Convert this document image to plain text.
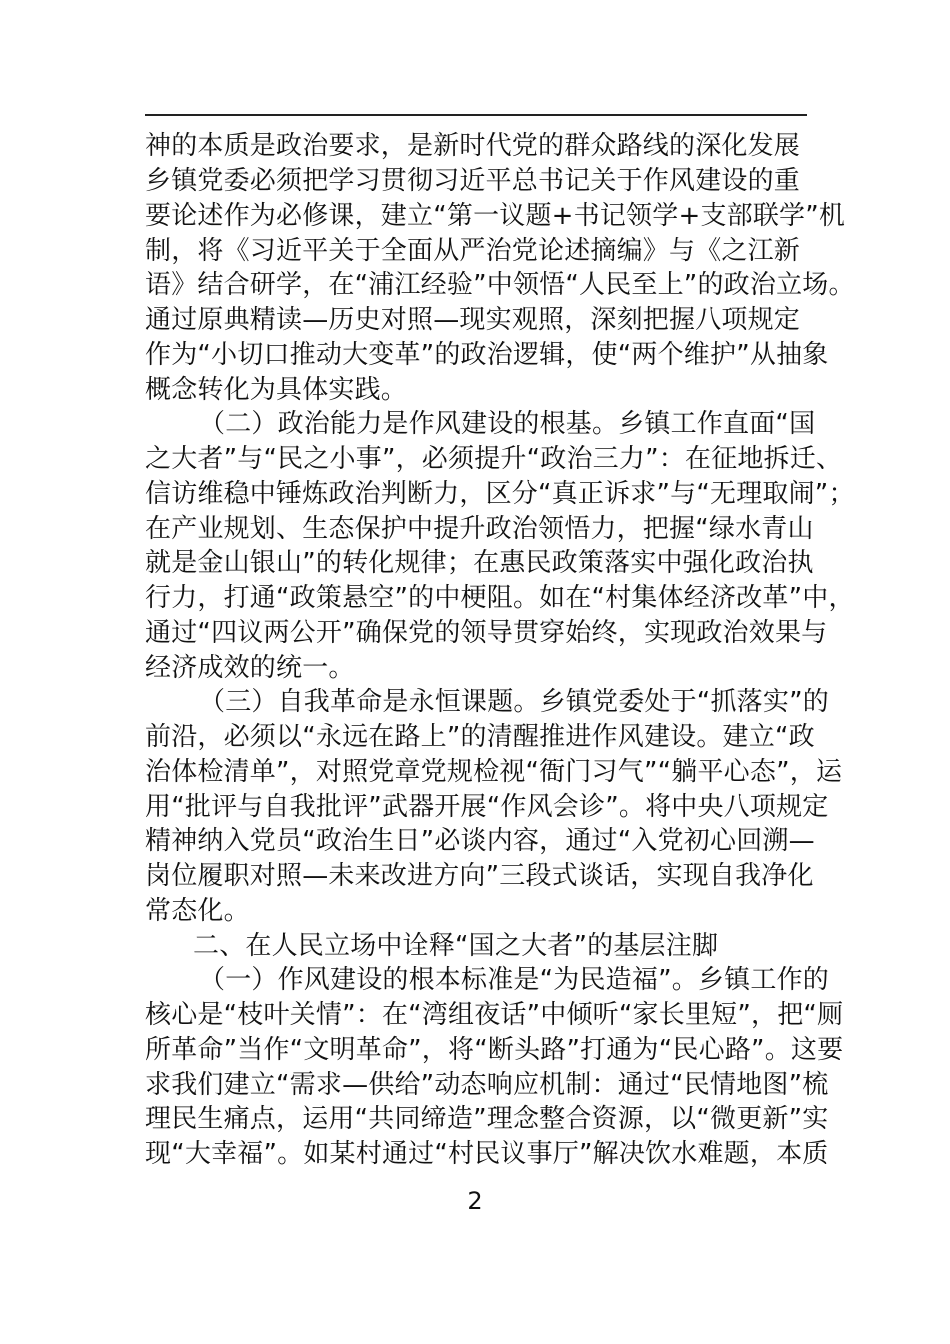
神的本质是政治要求，是新时代党的群众路线的深化发展
乡镇党委必须把学习贯彻习近平总书记关于作风建设的重
要论述作为必修课，建立“第一议题+书记领学+支部联学”机
制，将《习近平关于全面从严治党论述摘编》与《之江新
语》结合研学，在“浦江经验”中领悟“人民至上”的政治立场。
通过原典精读—历史对照—现实观照，深刻把握八项规定
作为“小切口推动大变革”的政治逻辑，使“两个维护”从抽象
概念转化为具体实践。
（二）政治能力是作风建设的根基。乡镇工作直面“国
之大者”与“民之小事”，必须提升“政治三力”：在征地拆迁、
信访维稳中锤炼政治判断力，区分“真正诉求”与“无理取闹”；
在产业规划、生态保护中提升政治领悟力，把握“绿水青山
就是金山银山”的转化规律；在惠民政策落实中强化政治执
行力，打通“政策悬空”的中梗阻。如在“村集体经济改革”中，
通过“四议两公开”确保党的领导贯穿始终，实现政治效果与
经济成效的统一。
（三）自我革命是永恒课题。乡镇党委处于“抓落实”的
前沿，必须以“永远在路上”的清醒推进作风建设。建立“政
治体检清单”，对照党章党规检视“衙门习气”“躺平心态”，运
用“批评与自我批评”武器开展“作风会诊”。将中央八项规定
精神纳入党员“政治生日”必谈内容，通过“入党初心回溯—
岗位履职对照—未来改进方向”三段式谈话，实现自我净化
常态化。
二、在人民立场中诠释“国之大者”的基层注脚
（一）作风建设的根本标准是“为民造福”。乡镇工作的
核心是“枝叶关情”：在“湾组夜话”中倾听“家长里短”，把“厕
所革命”当作“文明革命”，将“断头路”打通为“民心路”。这要
求我们建立“需求—供给”动态响应机制：通过“民情地图”梳
理民生痛点，运用“共同缔造”理念整合资源，以“微更新”实
现“大幸福”。如某村通过“村民议事厅”解决饮水难题，本质
2
